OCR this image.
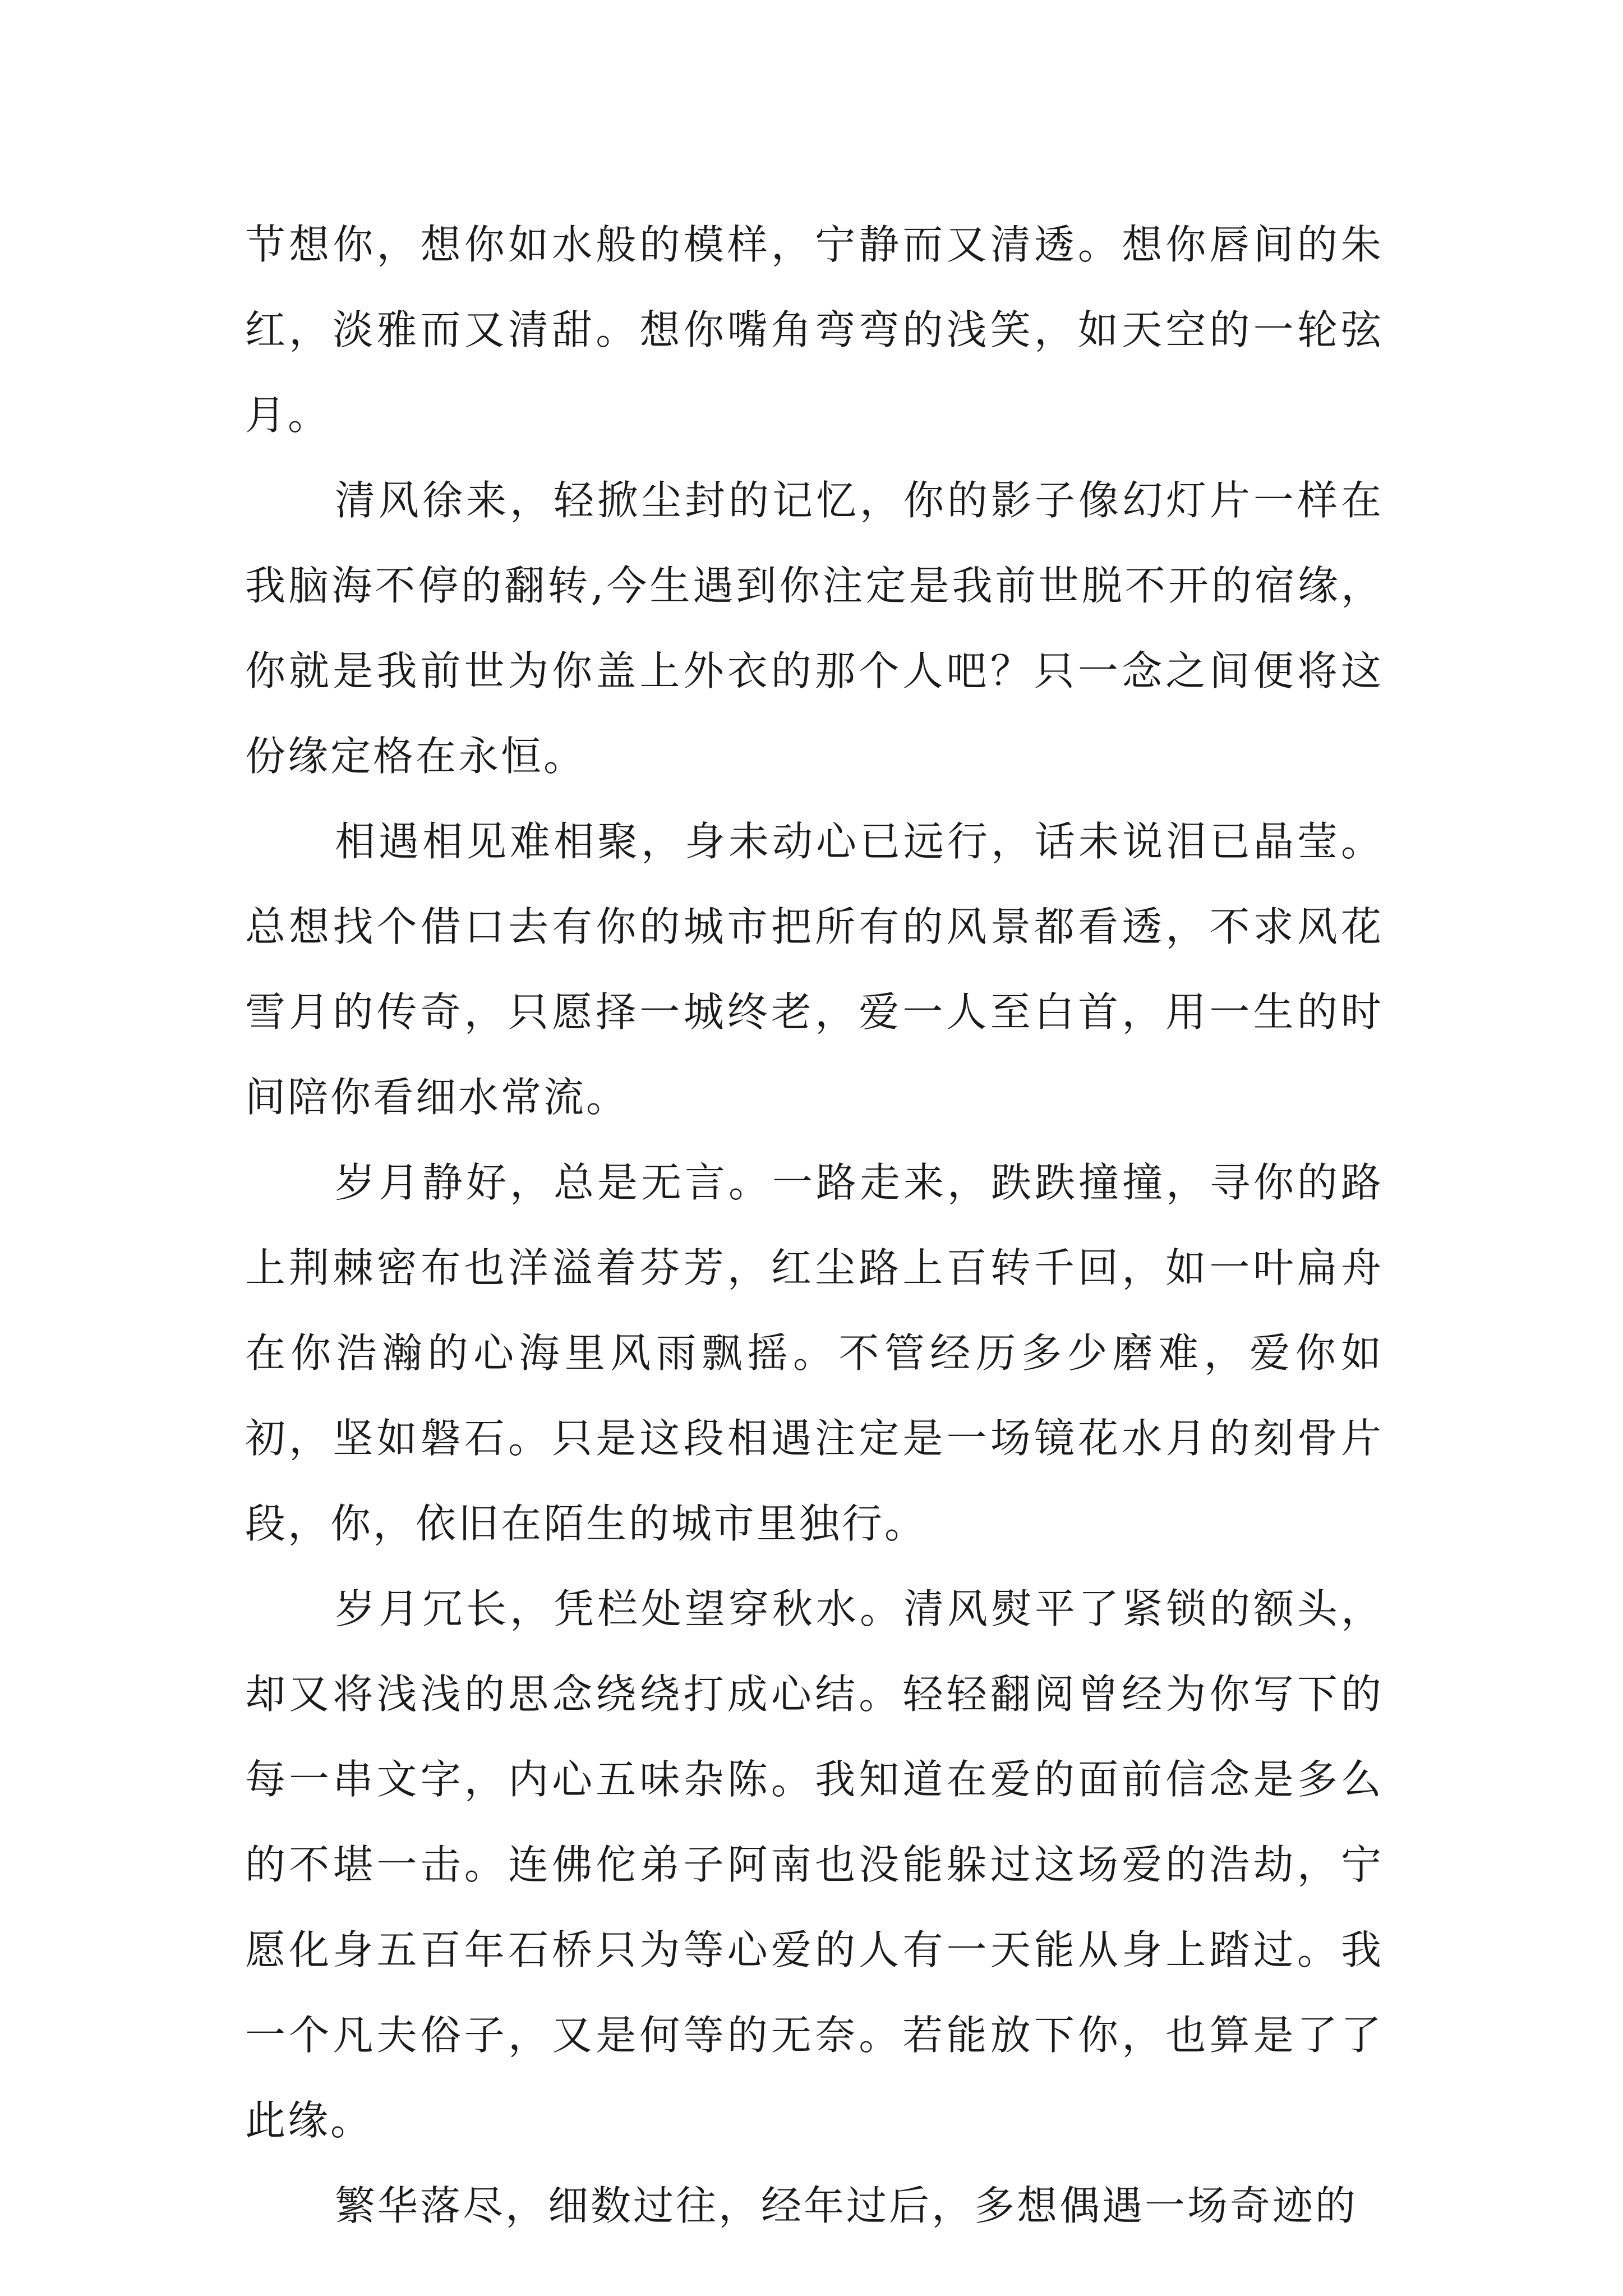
节想你，想你如水般的模样，宁静而又清透。想你唇间的朱红，淡雅而又清甜。想你嘴角弯弯的浅笑，如天空的一轮弦月。

清风徐来，轻掀尘封的记忆，你的影子像幻灯片一样在我脑海不停的翻转,今生遇到你注定是我前世脱不开的宿缘，你就是我前世为你盖上外衣的那个人吧？只一念之间便将这份缘定格在永恒。

相遇相见难相聚，身未动心已远行，话未说泪已晶莹。总想找个借口去有你的城市把所有的风景都看透，不求风花雪月的传奇，只愿择一城终老，爱一人至白首，用一生的时间陪你看细水常流。

岁月静好，总是无言。一路走来，跌跌撞撞，寻你的路上荆棘密布也洋溢着芬芳，红尘路上百转千回，如一叶扁舟在你浩瀚的心海里风雨飘摇。不管经历多少磨难，爱你如初，坚如磐石。只是这段相遇注定是一场镜花水月的刻骨片段，你，依旧在陌生的城市里独行。

岁月冗长，凭栏处望穿秋水。清风熨平了紧锁的额头，却又将浅浅的思念绕绕打成心结。轻轻翻阅曾经为你写下的每一串文字，内心五味杂陈。我知道在爱的面前信念是多么的不堪一击。连佛佗弟子阿南也没能躲过这场爱的浩劫，宁愿化身五百年石桥只为等心爱的人有一天能从身上踏过。我一个凡夫俗子，又是何等的无奈。若能放下你，也算是了了此缘。

繁华落尽，细数过往，经年过后，多想偶遇一场奇迹的
